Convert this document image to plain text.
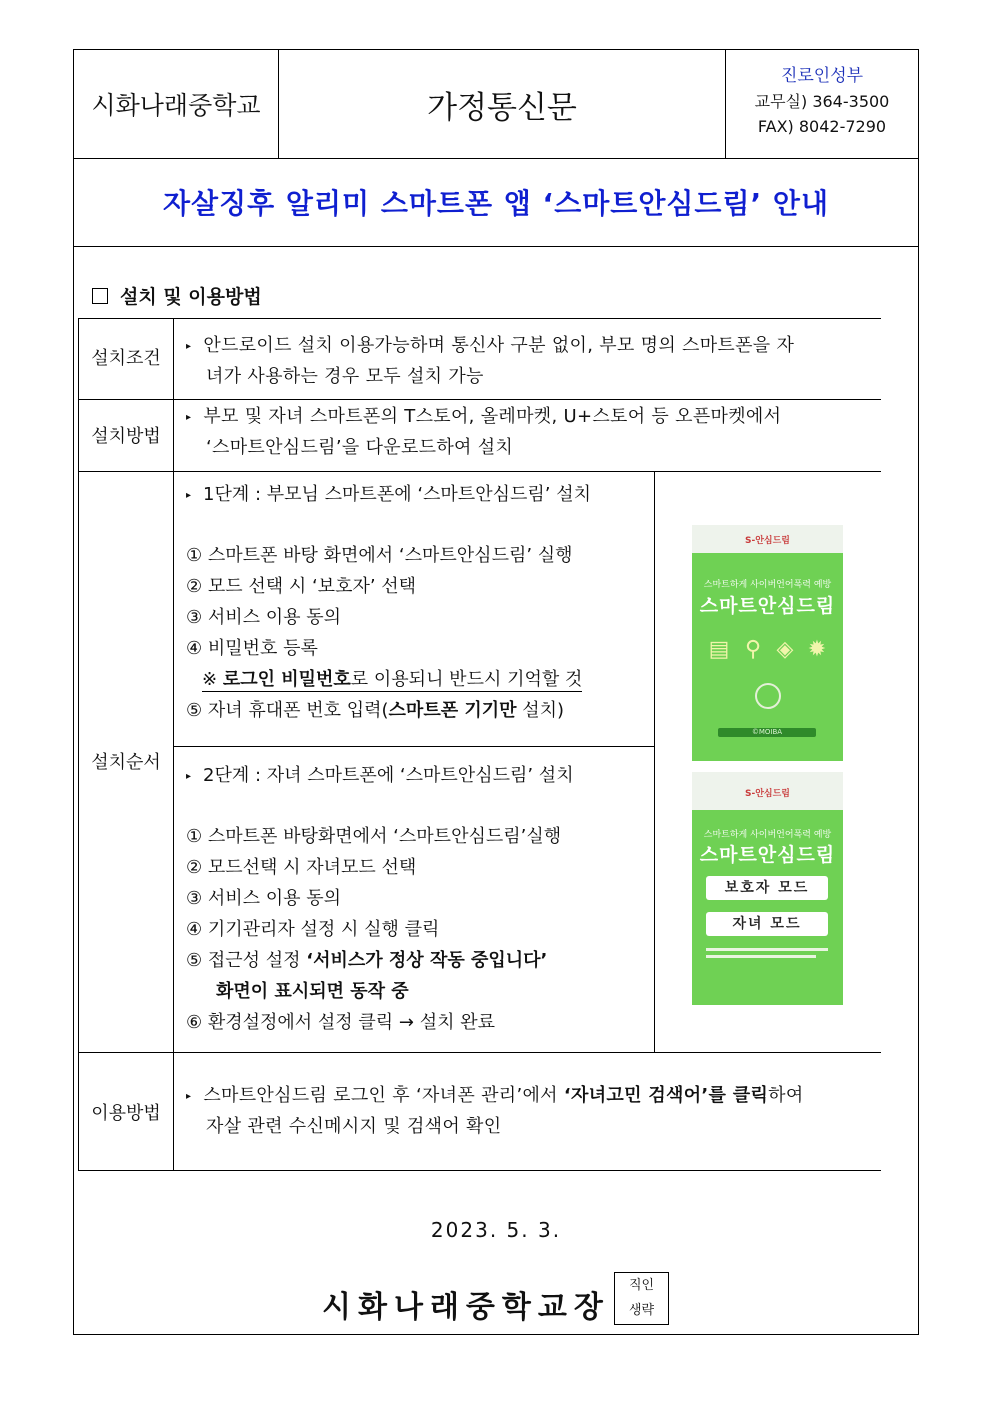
시화나래중학교	가정통신문
진로인성부
교무실) 364-3500
FAX) 8042-7290
자살징후 알리미 스마트폰 앱 ‘스마트안심드림’ 안내
설치 및 이용방법
설치조건
▸ 안드로이드 설치 이용가능하며 통신사 구분 없이, 부모 명의 스마트폰을 자
녀가 사용하는 경우 모두 설치 가능
설치방법
▸ 부모 및 자녀 스마트폰의 T스토어, 올레마켓, U+스토어 등 오픈마켓에서
‘스마트안심드림’을 다운로드하여 설치
설치순서
▸ 1단계 : 부모님 스마트폰에 ‘스마트안심드림’ 설치
① 스마트폰 바탕 화면에서 ‘스마트안심드림’ 실행
② 모드 선택 시 ‘보호자’ 선택
③ 서비스 이용 동의
④ 비밀번호 등록
※ 로그인 비밀번호로 이용되니 반드시 기억할 것
⑤ 자녀 휴대폰 번호 입력(스마트폰 기기만 설치)
▸ 2단계 : 자녀 스마트폰에 ‘스마트안심드림’ 설치
① 스마트폰 바탕화면에서 ‘스마트안심드림’실행
② 모드선택 시 자녀모드 선택
③ 서비스 이용 동의
④ 기기관리자 설정 시 실행 클릭
⑤ 접근성 설정 ‘서비스가 정상 작동 중입니다’
화면이 표시되면 동작 중
⑥ 환경설정에서 설정 클릭 → 설치 완료
S-안심드림
스마트하게 사이버언어폭력 예방
스마트안심드림
▤ ⚲ ◈ ✹
©MOIBA
S-안심드림
스마트하게 사이버언어폭력 예방
스마트안심드림
보호자 모드
자녀 모드
이용방법
▸ 스마트안심드림 로그인 후 ‘자녀폰 관리’에서 ‘자녀고민 검색어’를 클릭하여
자살 관련 수신메시지 및 검색어 확인
2023. 5. 3.
시화나래중학교장
직인
생략
